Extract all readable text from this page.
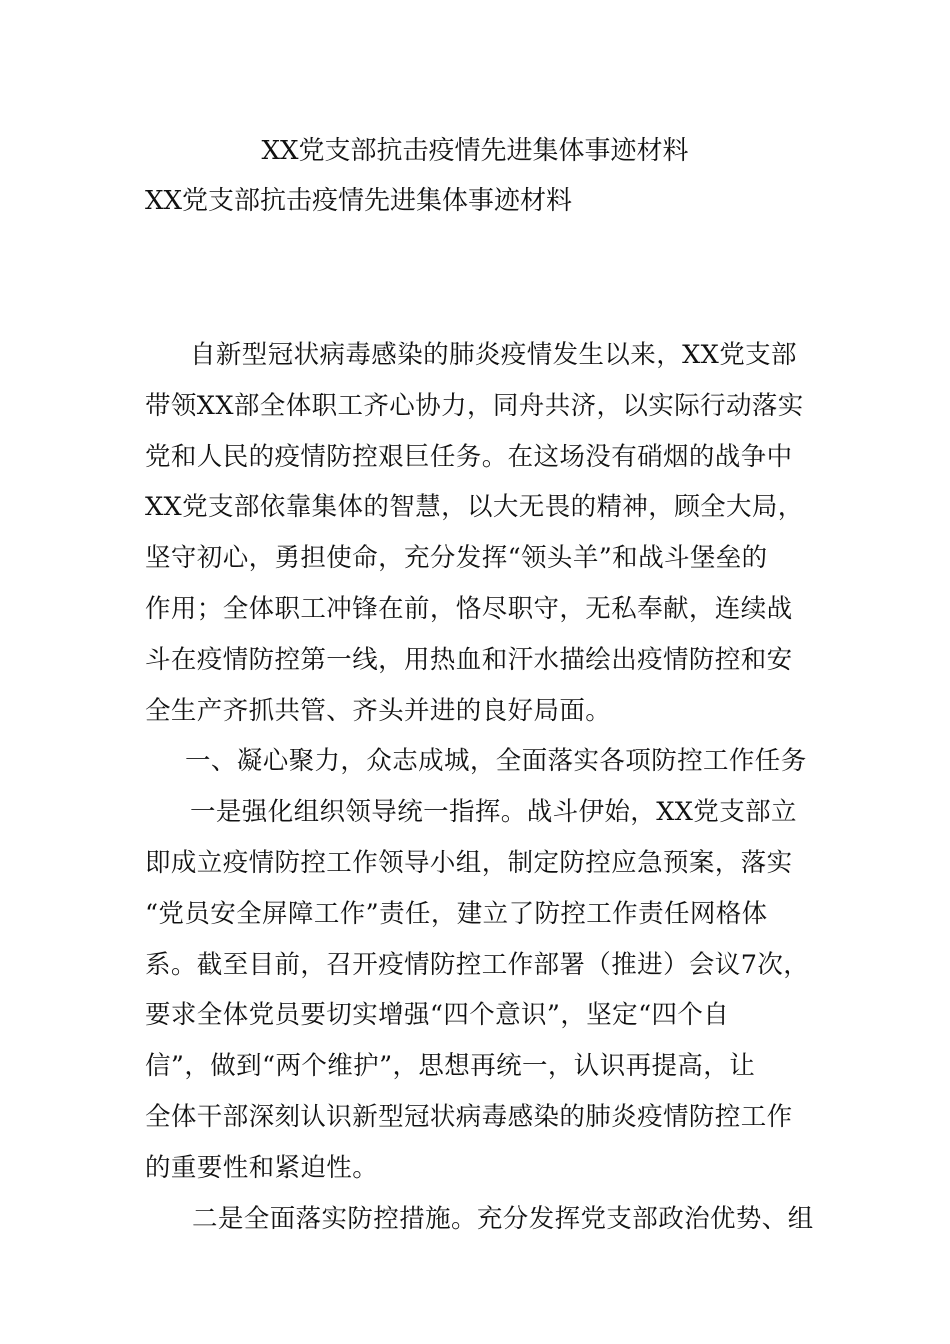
XX党支部抗击疫情先进集体事迹材料
XX党支部抗击疫情先进集体事迹材料
自新型冠状病毒感染的肺炎疫情发生以来，XX党支部
带领XX部全体职工齐心协力，同舟共济，以实际行动落实
党和人民的疫情防控艰巨任务。在这场没有硝烟的战争中
XX党支部依靠集体的智慧，以大无畏的精神，顾全大局，
坚守初心，勇担使命，充分发挥“领头羊”和战斗堡垒的
作用；全体职工冲锋在前，恪尽职守，无私奉献，连续战
斗在疫情防控第一线，用热血和汗水描绘出疫情防控和安
全生产齐抓共管、齐头并进的良好局面。
一、凝心聚力，众志成城，全面落实各项防控工作任务
一是强化组织领导统一指挥。战斗伊始，XX党支部立
即成立疫情防控工作领导小组，制定防控应急预案，落实
“党员安全屏障工作”责任，建立了防控工作责任网格体
系。截至目前，召开疫情防控工作部署（推进）会议7次，
要求全体党员要切实增强“四个意识”，坚定“四个自
信”，做到“两个维护”，思想再统一，认识再提高，让
全体干部深刻认识新型冠状病毒感染的肺炎疫情防控工作
的重要性和紧迫性。
二是全面落实防控措施。充分发挥党支部政治优势、组
